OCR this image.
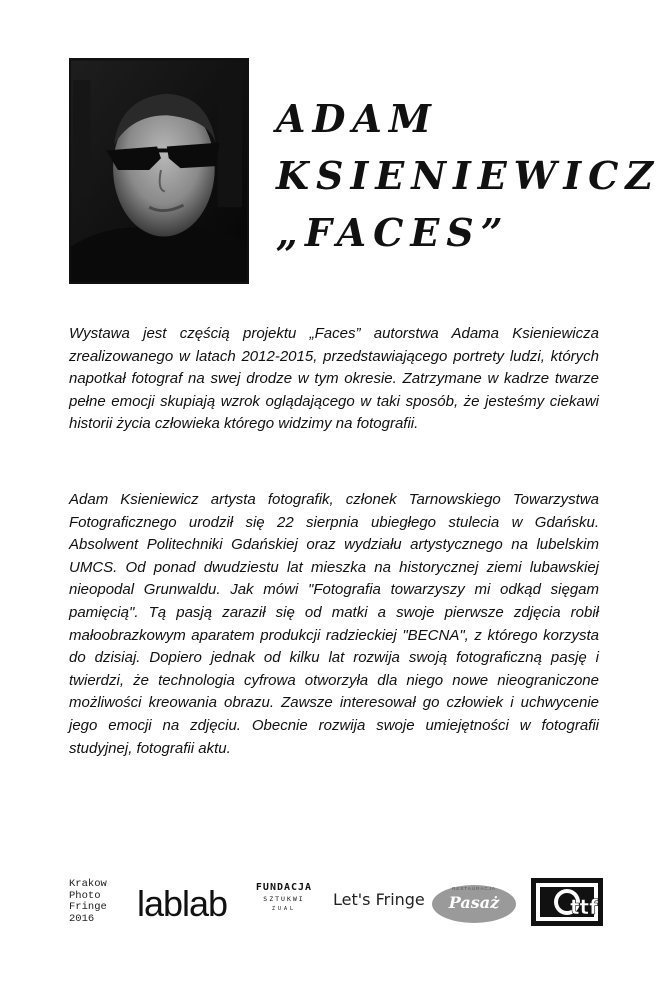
ADAM
KSIENIEWICZ
„FACES”

Wystawa jest częścią projektu „Faces” autorstwa Adama Ksieniewicza zrealizowanego w latach 2012-2015, przedstawiającego portrety ludzi, których napotkał fotograf na swej drodze w tym okresie. Zatrzymane w kadrze twarze pełne emocji skupiają wzrok oglądającego w taki sposób, że jesteśmy ciekawi historii życia człowieka którego widzimy na fotografii.

Adam Ksieniewicz artysta fotografik, członek Tarnowskiego Towarzystwa Fotograficznego urodził się 22 sierpnia ubiegłego stulecia w Gdańsku. Absolwent Politechniki Gdańskiej oraz wydziału artystycznego na lubelskim UMCS. Od ponad dwudziestu lat mieszka na historycznej ziemi lubawskiej nieopodal Grunwaldu. Jak mówi "Fotografia towarzyszy mi odkąd sięgam pamięcią". Tą pasją zaraził się od matki a swoje pierwsze zdjęcia robił małoobrazkowym aparatem produkcji radzieckiej "BECNA", z którego korzysta do dzisiaj. Dopiero jednak od kilku lat rozwija swoją fotograficzną pasję i twierdzi, że technologia cyfrowa otworzyła dla niego nowe nieograniczone możliwości kreowania obrazu. Zawsze interesował go człowiek i uchwycenie jego emocji na zdjęciu. Obecnie rozwija swoje umiejętności w fotografii studyjnej, fotografii aktu.

Krakow
Photo
Fringe
2016	lablab	FUNDACJA
SZTUKWI
ZUAL	Let's Fringe
RESTAURACJA
Pasaż	ttf
